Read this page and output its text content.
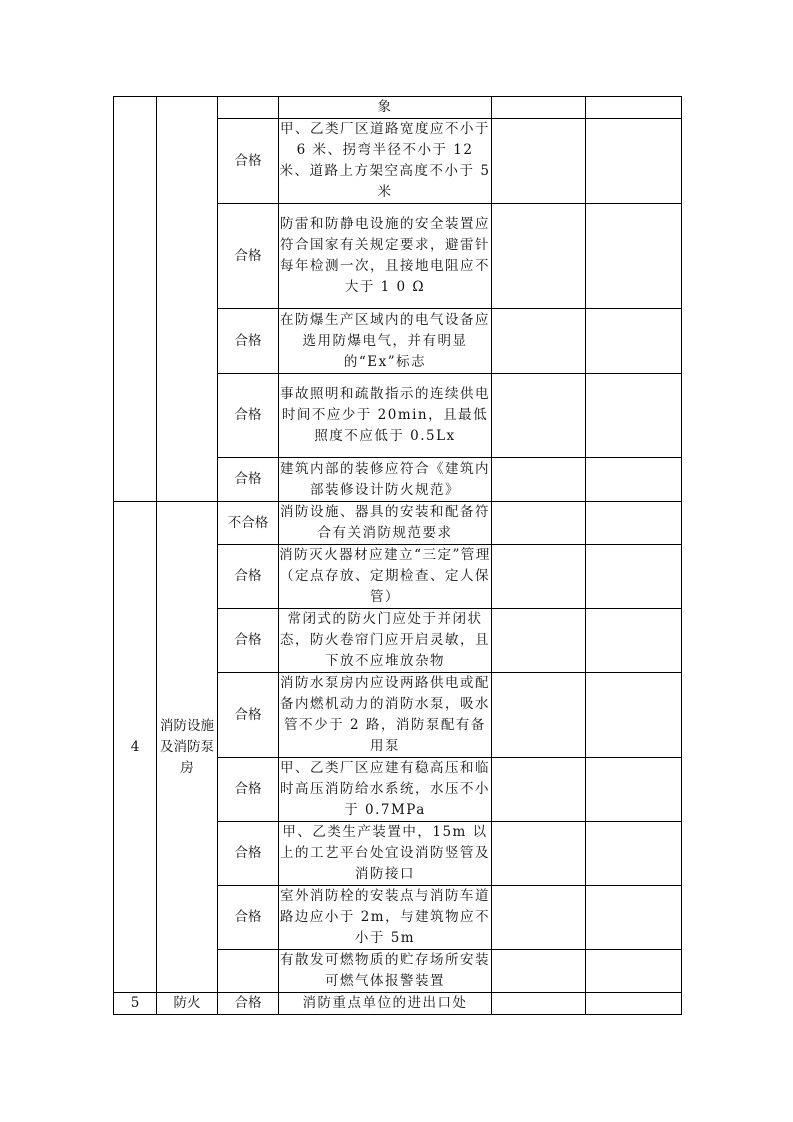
			象		
		合格	甲、乙类厂区道路宽度应不小于 6 米、拐弯半径不小于 12 米、道路上方架空高度不小于 5 米		
		合格	防雷和防静电设施的安全装置应符合国家有关规定要求，避雷针每年检测一次，且接地电阻应不大于 1 0 Ω		
		合格	在防爆生产区域内的电气设备应选用防爆电气，并有明显的“Ex”标志		
		合格	事故照明和疏散指示的连续供电时间不应少于 20min，且最低照度不应低于 0.5Lx		
		合格	建筑内部的装修应符合《建筑内部装修设计防火规范》		
4	消防设施及消防泵房	不合格	消防设施、器具的安装和配备符合有关消防规范要求		
		合格	消防灭火器材应建立“三定”管理（定点存放、定期检查、定人保管）		
		合格	常闭式的防火门应处于并闭状态，防火卷帘门应开启灵敏，且下放不应堆放杂物		
		合格	消防水泵房内应设两路供电或配备内燃机动力的消防水泵，吸水管不少于 2 路，消防泵配有备用泵		
		合格	甲、乙类厂区应建有稳高压和临时高压消防给水系统，水压不小于 0.7MPa		
		合格	甲、乙类生产装置中，15m 以上的工艺平台处宜设消防竖管及消防接口		
		合格	室外消防栓的安装点与消防车道路边应小于 2m，与建筑物应不小于 5m		
			有散发可燃物质的贮存场所安装可燃气体报警装置		
5	防火	合格	消防重点单位的进出口处		
